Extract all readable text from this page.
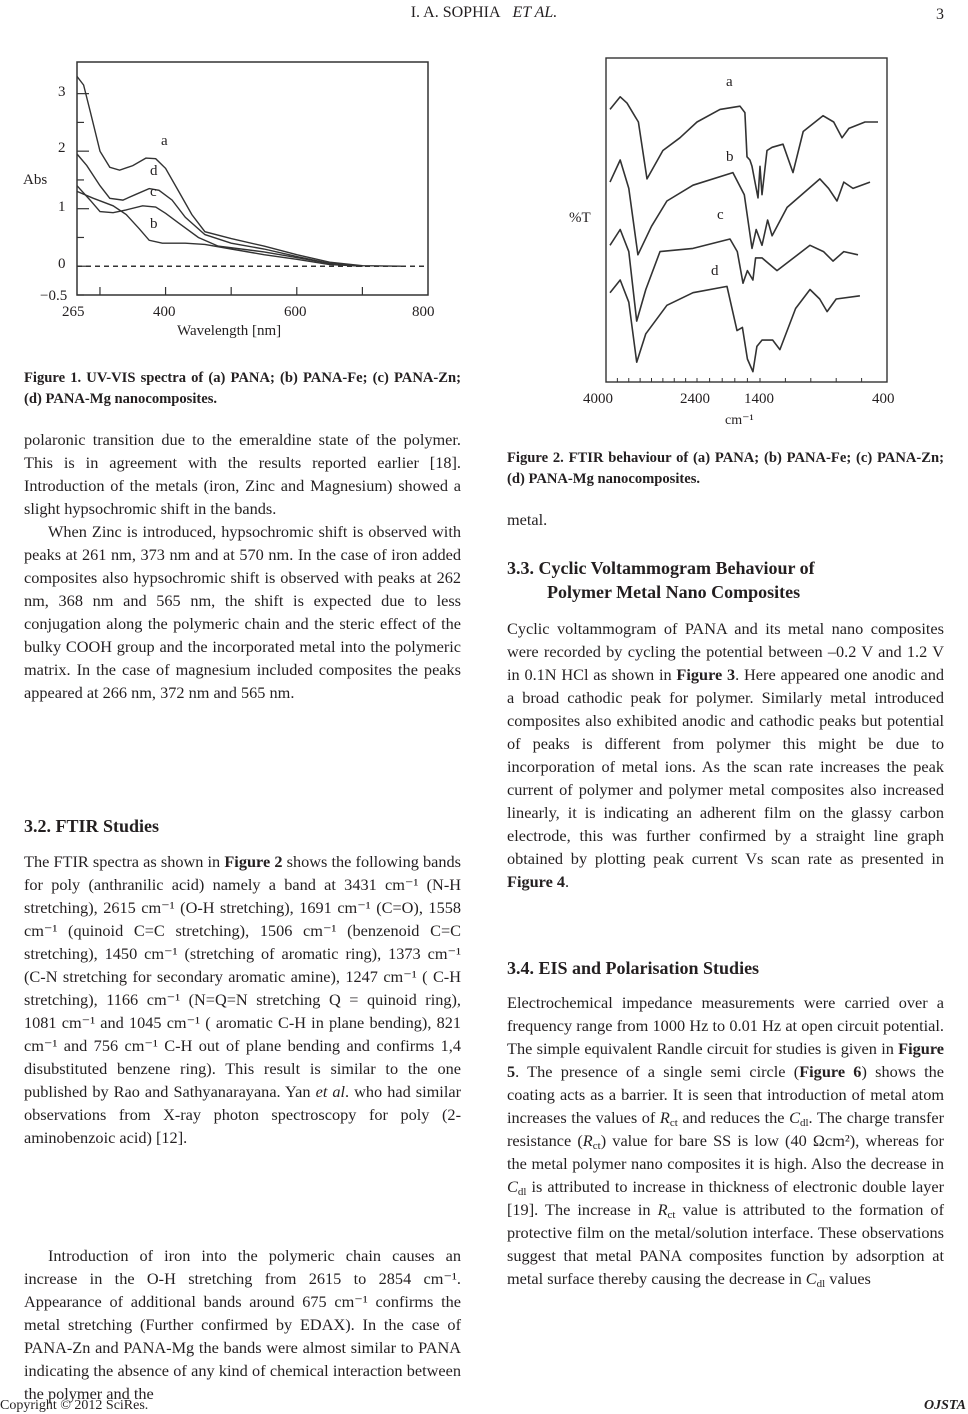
I. A. SOPHIA ET AL.	3
3
2
1
0
−0.5
265	400	600	800
Abs
Wavelength [nm]
a
b
c
d
%T
4000	2400 1400	400
cm⁻¹
a
b
c
d
Figure 1. UV-VIS spectra of (a) PANA; (b) PANA-Fe; (c) PANA-Zn; (d) PANA-Mg nanocomposites.
polaronic transition due to the emeraldine state of the polymer. This is in agreement with the results reported earlier [18]. Introduction of the metals (iron, Zinc and Magnesium) showed a slight hypsochromic shift in the bands.
When Zinc is introduced, hypsochromic shift is observed with peaks at 261 nm, 373 nm and at 570 nm. In the case of iron added composites also hypsochromic shift is observed with peaks at 262 nm, 368 nm and 565 nm, the shift is expected due to less conjugation along the polymeric chain and the steric effect of the bulky COOH group and the incorporated metal into the polymeric matrix. In the case of magnesium included composites the peaks appeared at 266 nm, 372 nm and 565 nm.
3.2. FTIR Studies
The FTIR spectra as shown in Figure 2 shows the following bands for poly (anthranilic acid) namely a band at 3431 cm⁻¹ (N-H stretching), 2615 cm⁻¹ (O-H stretching), 1691 cm⁻¹ (C=O), 1558 cm⁻¹ (quinoid C=C stretching), 1506 cm⁻¹ (benzenoid C=C stretching), 1450 cm⁻¹ (stretching of aromatic ring), 1373 cm⁻¹ (C-N stretching for secondary aromatic amine), 1247 cm⁻¹ ( C-H stretching), 1166 cm⁻¹ (N=Q=N stretching Q = quinoid ring), 1081 cm⁻¹ and 1045 cm⁻¹ ( aromatic C-H in plane bending), 821 cm⁻¹ and 756 cm⁻¹ C-H out of plane bending and confirms 1,4 disubstituted benzene ring). This result is similar to the one published by Rao and Sathyanarayana. Yan et al. who had similar observations from X-ray photon spectroscopy for poly (2-aminobenzoic acid) [12].
Introduction of iron into the polymeric chain causes an increase in the O-H stretching from 2615 to 2854 cm⁻¹. Appearance of additional bands around 675 cm⁻¹ confirms the metal stretching (Further confirmed by EDAX). In the case of PANA-Zn and PANA-Mg the bands were almost similar to PANA indicating the absence of any kind of chemical interaction between the polymer and the
Figure 2. FTIR behaviour of (a) PANA; (b) PANA-Fe; (c) PANA-Zn; (d) PANA-Mg nanocomposites.
metal.
3.3. Cyclic Voltammogram Behaviour of
Polymer Metal Nano Composites
Cyclic voltammogram of PANA and its metal nano composites were recorded by cycling the potential between –0.2 V and 1.2 V in 0.1N HCl as shown in Figure 3. Here appeared one anodic and a broad cathodic peak for polymer. Similarly metal introduced composites also exhibited anodic and cathodic peaks but potential of peaks is different from polymer this might be due to incorporation of metal ions. As the scan rate increases the peak current of polymer and polymer metal composites also increased linearly, it is indicating an adherent film on the glassy carbon electrode, this was further confirmed by a straight line graph obtained by plotting peak current Vs scan rate as presented in Figure 4.
3.4. EIS and Polarisation Studies
Electrochemical impedance measurements were carried over a frequency range from 1000 Hz to 0.01 Hz at open circuit potential. The simple equivalent Randle circuit for studies is given in Figure 5. The presence of a single semi circle (Figure 6) shows the coating acts as a barrier. It is seen that introduction of metal atom increases the values of $R_{ct}$ and reduces the $C_{dl}$. The charge transfer resistance $(R_{ct})$ value for bare SS is low (40 Ωcm²), whereas for the metal polymer nano composites it is high. Also the decrease in $C_{dl}$ is attributed to increase in thickness of electronic double layer [19]. The increase in $R_{ct}$ value is attributed to the formation of protective film on the metal/solution interface. These observations suggest that metal PANA composites function by adsorption at metal surface thereby causing the decrease in $C_{dl}$ values
Copyright © 2012 SciRes.	OJSTA
